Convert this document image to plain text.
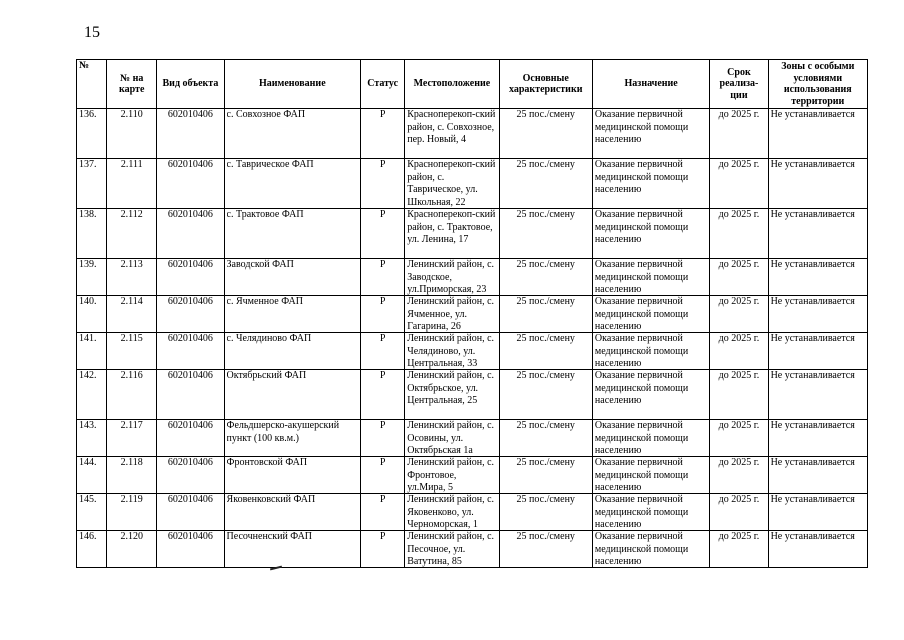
15
№	№ на карте	Вид объекта	Наименование	Статус	Местоположение	Основные характеристики	Назначение	Срок реализа-ции	Зоны с особыми условиями использования территории

136.	2.110	602010406	с. Совхозное ФАП	Р	Красноперекоп-ский район, с. Совхозное, пер. Новый, 4	25 пос./смену	Оказание первичной медицинской помощи населению	до 2025 г.	Не устанавливается

137.	2.111	602010406	с. Таврическое ФАП	Р	Красноперекоп-ский район, с. Таврическое, ул. Школьная, 22	25 пос./смену	Оказание первичной медицинской помощи населению	до 2025 г.	Не устанавливается

138.	2.112	602010406	с. Трактовое ФАП	Р	Красноперекоп-ский район, с. Трактовое, ул. Ленина, 17	25 пос./смену	Оказание первичной медицинской помощи населению	до 2025 г.	Не устанавливается

139.	2.113	602010406	Заводской ФАП	Р	Ленинский район, с. Заводское, ул.Приморская, 23	25 пос./смену	Оказание первичной медицинской помощи населению	до 2025 г.	Не устанавливается

140.	2.114	602010406	с. Ячменное ФАП	Р	Ленинский район, с. Ячменное, ул. Гагарина, 26	25 пос./смену	Оказание первичной медицинской помощи населению	до 2025 г.	Не устанавливается

141.	2.115	602010406	с. Челядиново ФАП	Р	Ленинский район, с. Челядиново, ул. Центральная, 33	25 пос./смену	Оказание первичной медицинской помощи населению	до 2025 г.	Не устанавливается

142.	2.116	602010406	Октябрьский ФАП	Р	Ленинский район, с. Октябрьское, ул. Центральная, 25	25 пос./смену	Оказание первичной медицинской помощи населению	до 2025 г.	Не устанавливается

143.	2.117	602010406	Фельдшерско-акушерский пункт (100 кв.м.)	Р	Ленинский район, с. Осовины, ул. Октябрьская 1а	25 пос./смену	Оказание первичной медицинской помощи населению	до 2025 г.	Не устанавливается

144.	2.118	602010406	Фронтовской ФАП	Р	Ленинский район, с. Фронтовое, ул.Мира, 5	25 пос./смену	Оказание первичной медицинской помощи населению	до 2025 г.	Не устанавливается

145.	2.119	602010406	Яковенковский ФАП	Р	Ленинский район, с. Яковенково, ул. Черноморская, 1	25 пос./смену	Оказание первичной медицинской помощи населению	до 2025 г.	Не устанавливается

146.	2.120	602010406	Песочненский ФАП	Р	Ленинский район, с. Песочное, ул. Ватутина, 85	25 пос./смену	Оказание первичной медицинской помощи населению	до 2025 г.	Не устанавливается
